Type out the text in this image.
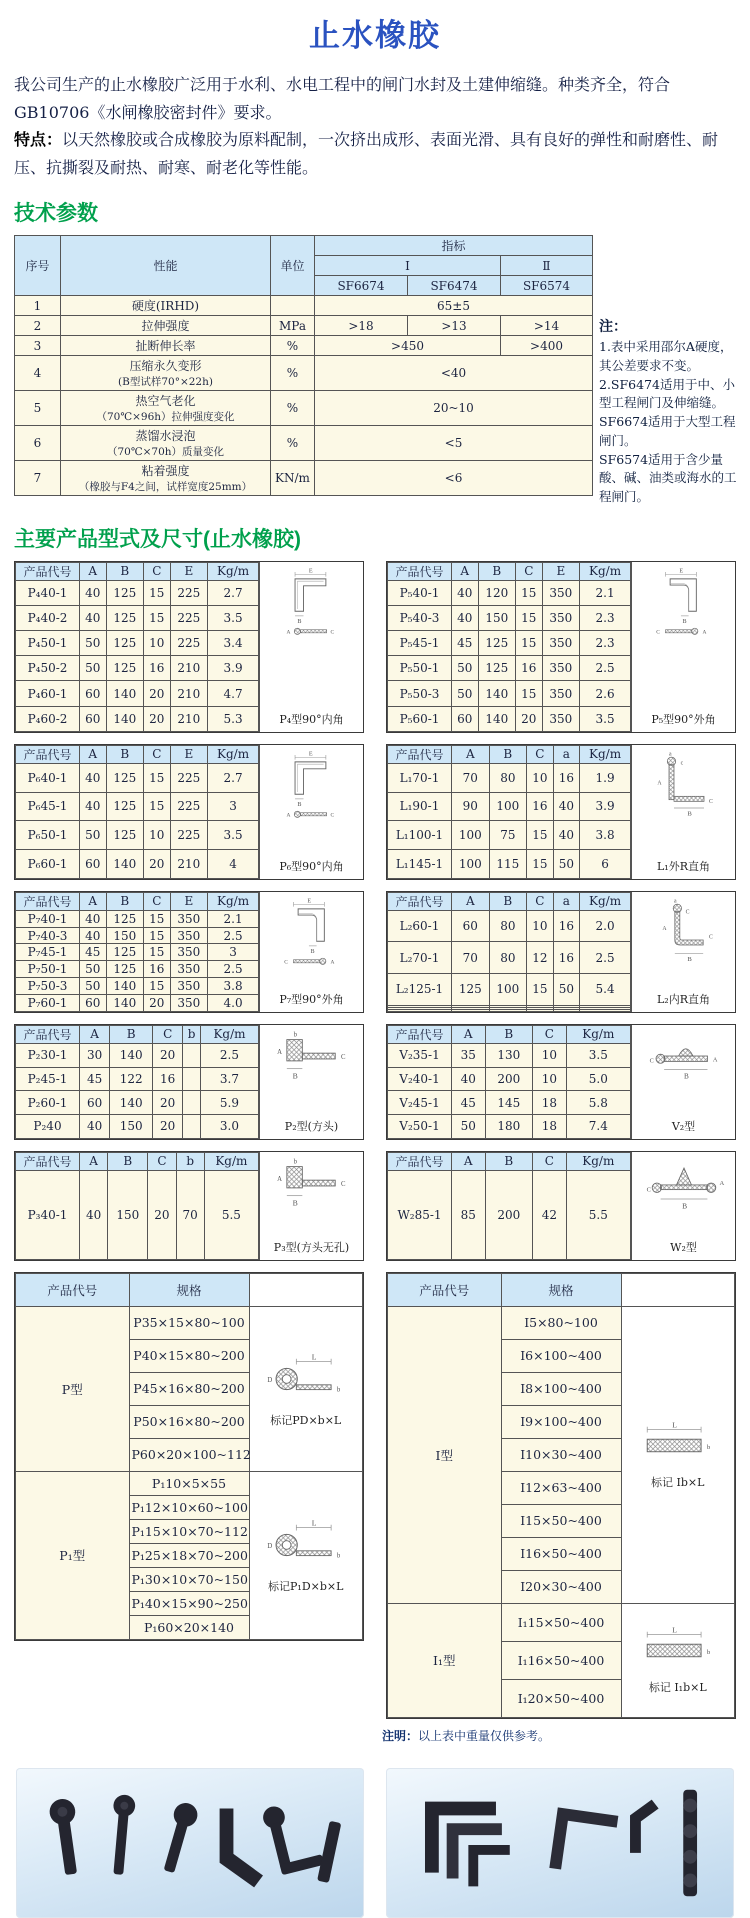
止水橡胶
我公司生产的止水橡胶广泛用于水利、水电工程中的闸门水封及土建伸缩缝。种类齐全，符合GB10706《水闸橡胶密封件》要求。
特点：以天然橡胶或合成橡胶为原料配制，一次挤出成形、表面光滑、具有良好的弹性和耐磨性、耐压、抗撕裂及耐热、耐寒、耐老化等性能。
技术参数
序号	性能	单位	指标		
			Ⅰ		Ⅱ
			SF6674	SF6474	SF6574
1	硬度(IRHD)		65±5		
2	拉伸强度	MPa	>18	>13	>14
3	扯断伸长率	%	>450		>400
4	压缩永久变形
(B型试样70°×22h)	%	<40		
5	热空气老化
（70℃×96h）拉伸强度变化	%	20~10		
6	蒸馏水浸泡
（70℃×70h）质量变化	%	<5		
7	粘着强度
（橡胶与F4之间，试样宽度25mm）	KN/m	<6		
注：
1.表中采用邵尔A硬度，其公差要求不变。
2.SF6474适用于中、小型工程闸门及伸缩缝。
SF6674适用于大型工程闸门。
SF6574适用于含少量酸、碱、油类或海水的工程闸门。
主要产品型式及尺寸(止水橡胶)
产品代号	A	B	C	E	Kg/m
P₄40-1	40	125	15	225	2.7
P₄40-2	40	125	15	225	3.5
P₄50-1	50	125	10	225	3.4
P₄50-2	50	125	16	210	3.9
P₄60-1	60	140	20	210	4.7
P₄60-2	60	140	20	210	5.3
E
B
A	C
P₄型90°内角
产品代号	A	B	C	E	Kg/m
P₅40-1	40	120	15	350	2.1
P₅40-3	40	150	15	350	2.3
P₅45-1	45	125	15	350	2.3
P₅50-1	50	125	16	350	2.5
P₅50-3	50	140	15	350	2.6
P₅60-1	60	140	20	350	3.5
E
B
C	A
P₅型90°外角
产品代号	A	B	C	E	Kg/m
P₆40-1	40	125	15	225	2.7
P₆45-1	40	125	15	225	3
P₆50-1	50	125	10	225	3.5
P₆60-1	60	140	20	210	4
E
B
A	C
P₆型90°内角
产品代号	A	B	C	a	Kg/m
L₁70-1	70	80	10	16	1.9
L₁90-1	90	100	16	40	3.9
L₁100-1	100	75	15	40	3.8
L₁145-1	100	115	15	50	6
a
c
A
B
C
L₁外R直角
产品代号	A	B	C	E	Kg/m
P₇40-1	40	125	15	350	2.1
P₇40-3	40	150	15	350	2.5
P₇45-1	45	125	15	350	3
P₇50-1	50	125	16	350	2.5
P₇50-3	50	140	15	350	3.8
P₇60-1	60	140	20	350	4.0
E
B
C	A
P₇型90°外角
产品代号	A	B	C	a	Kg/m
L₂60-1	60	80	10	16	2.0
L₂70-1	70	80	12	16	2.5
L₂125-1	125	100	15	50	5.4

a
C
A
B
C
L₂内R直角
产品代号	A	B	C	b	Kg/m
P₂30-1	30	140	20		2.5
P₂45-1	45	122	16		3.7
P₂60-1	60	140	20		5.9
P₂40	40	150	20		3.0
b
A
C
B
P₂型(方头)
产品代号	A	B	C	Kg/m
V₂35-1	35	130	10	3.5
V₂40-1	40	200	10	5.0
V₂45-1	45	145	18	5.8
V₂50-1	50	180	18	7.4
C	A
B
V₂型
产品代号	A	B	C	b	Kg/m
P₃40-1	40	150	20	70	5.5
b
A
C
B
P₃型(方头无孔)
产品代号	A	B	C	Kg/m
W₂85-1	85	200	42	5.5
C
A
B
W₂型
产品代号	规格	
P型	P35×15×80~100	L
D
b
标记PD×b×L

	P40×15×80~200	
	P45×16×80~200	
	P50×16×80~200	
	P60×20×100~112	
P₁型	P₁10×5×55	L
D
b
标记P₁D×b×L

	P₁12×10×60~100	
	P₁15×10×70~112	
	P₁25×18×70~200	
	P₁30×10×70~150	
	P₁40×15×90~250	
	P₁60×20×140	
产品代号	规格	
I型	I5×80~100	L
b
标记 Ib×L

	I6×100~400	
	I8×100~400	
	I9×100~400	
	I10×30~400	
	I12×63~400	
	I15×50~400	
	I16×50~400	
	I20×30~400	
I₁型	I₁15×50~400	L
b
标记 I₁b×L

	I₁16×50~400	
	I₁20×50~400	
注明：以上表中重量仅供参考。
